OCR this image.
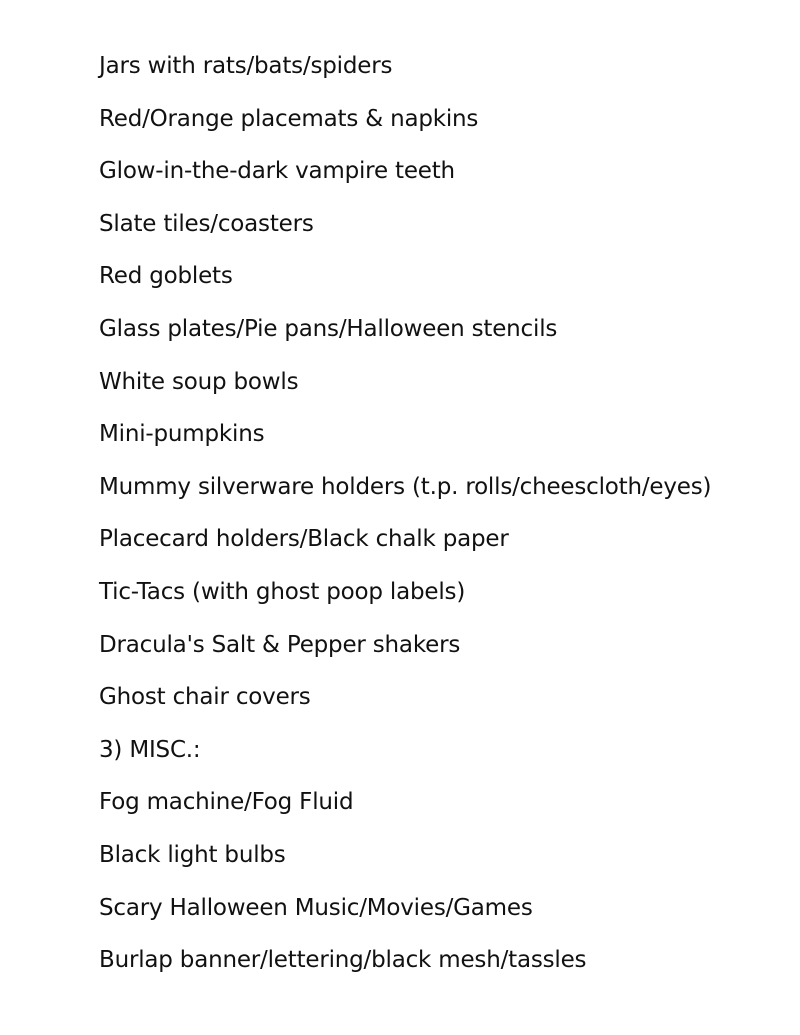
Jars with rats/bats/spiders
Red/Orange placemats & napkins
Glow-in-the-dark vampire teeth
Slate tiles/coasters
Red goblets
Glass plates/Pie pans/Halloween stencils
White soup bowls
Mini-pumpkins
Mummy silverware holders (t.p. rolls/cheescloth/eyes)
Placecard holders/Black chalk paper
Tic-Tacs (with ghost poop labels)
Dracula's Salt & Pepper shakers
Ghost chair covers
3) MISC.:
Fog machine/Fog Fluid
Black light bulbs
Scary Halloween Music/Movies/Games
Burlap banner/lettering/black mesh/tassles
